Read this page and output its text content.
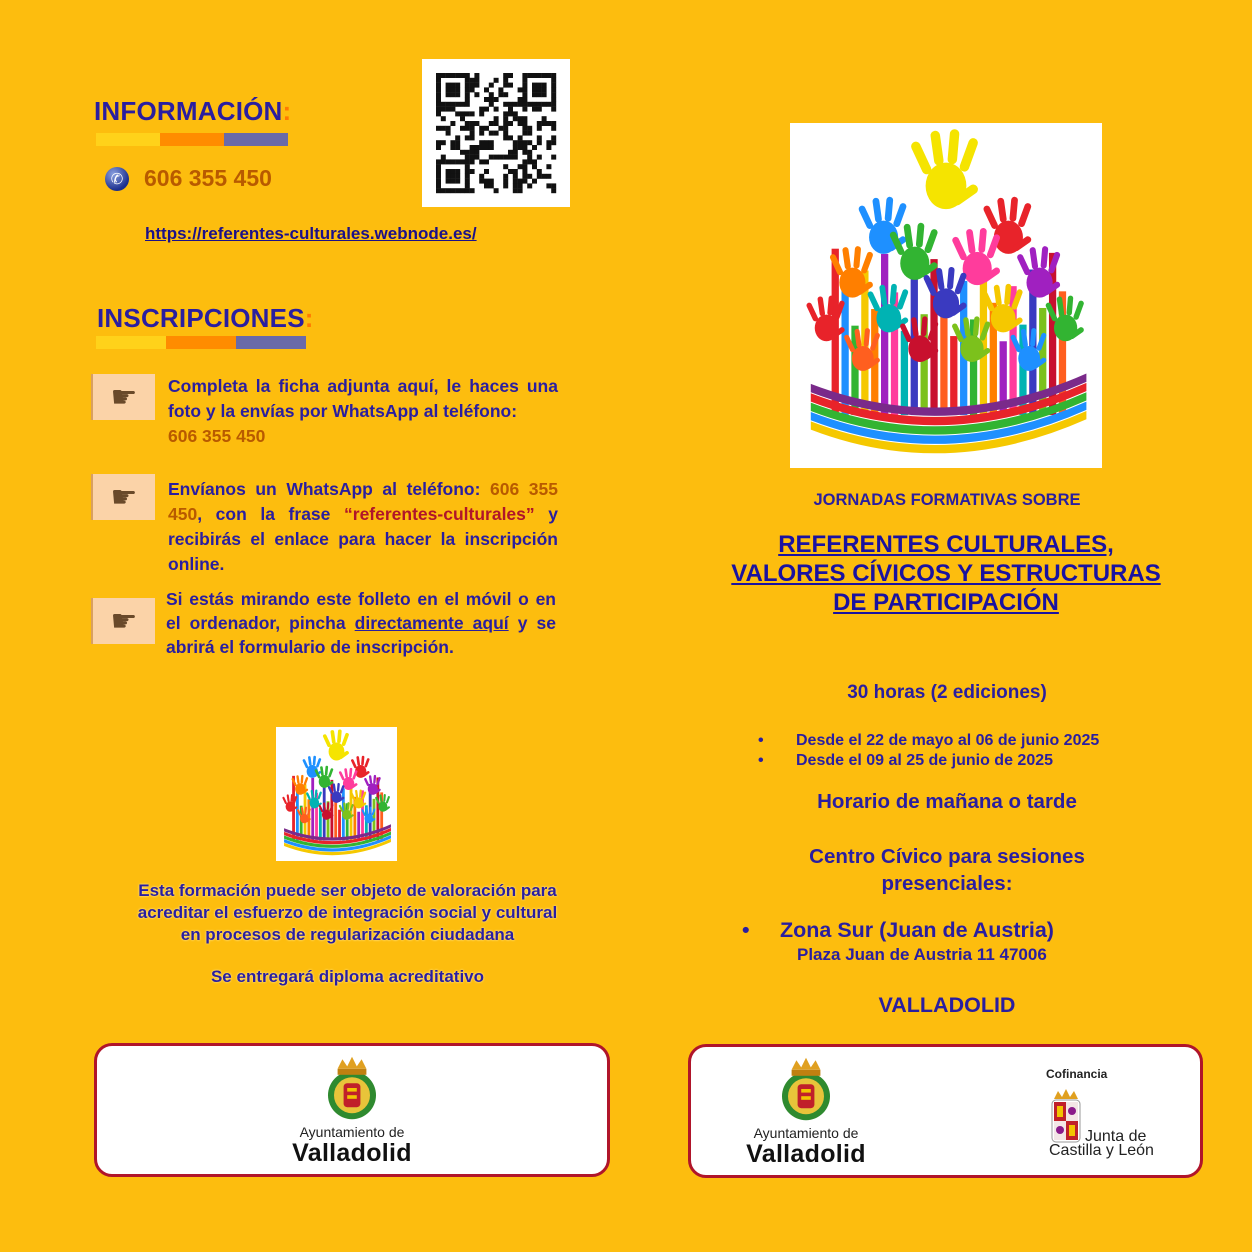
INFORMACIÓN:
✆ 606 355 450
https://referentes-culturales.webnode.es/
INSCRIPCIONES:
☛	Completa la ficha adjunta aquí, le haces una foto y la envías por WhatsApp al teléfono:
606 355 450
☛	Envíanos un WhatsApp al teléfono: 606 355 450, con la frase “referentes-culturales” y recibirás el enlace para hacer la inscripción online.
☛
Si estás mirando este folleto en el móvil o en el ordenador, pincha directamente aquí y se abrirá el formulario de inscripción.
Esta formación puede ser objeto de valoración para
acreditar el esfuerzo de integración social y cultural
en procesos de regularización ciudadana
Se entregará diploma acreditativo
Ayuntamiento de
Valladolid
JORNADAS FORMATIVAS SOBRE
REFERENTES CULTURALES,
VALORES CÍVICOS Y ESTRUCTURAS
DE PARTICIPACIÓN
30 horas (2 ediciones)
•	Desde el 22 de mayo al 06 de junio 2025
•	Desde el 09 al 25 de junio de 2025
Horario de mañana o tarde
Centro Cívico para sesiones
presenciales:
•	Zona Sur (Juan de Austria)
Plaza Juan de Austria 11 47006
VALLADOLID
Ayuntamiento de
Valladolid
Cofinancia
Junta de
Castilla y León
